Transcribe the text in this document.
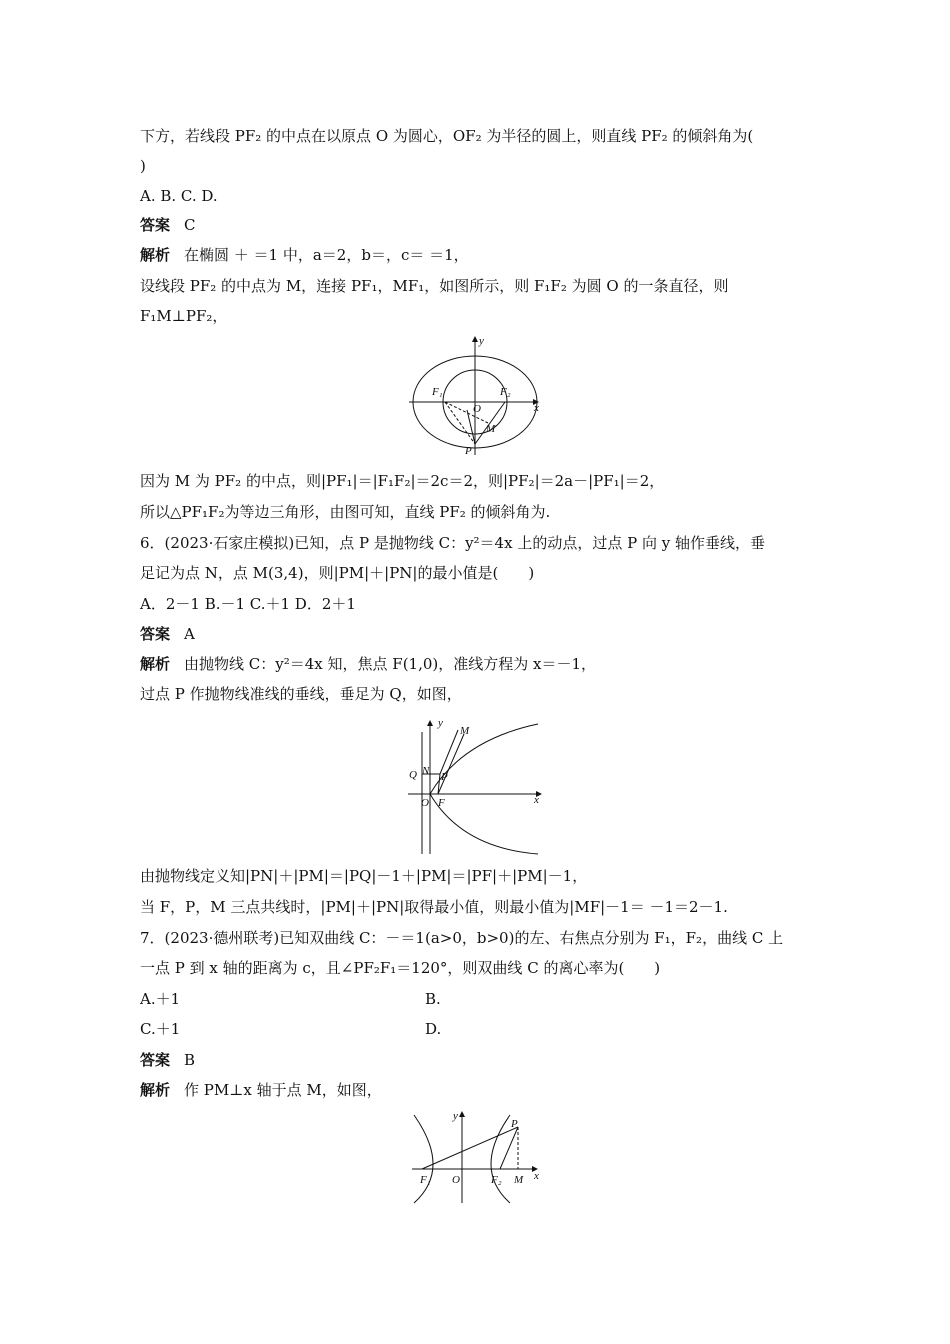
下方，若线段 PF₂ 的中点在以原点 O 为圆心，OF₂ 为半径的圆上，则直线 PF₂ 的倾斜角为(
)
A. B. C. D.
答案 C
解析 在椭圆 ＋ ＝1 中，a＝2，b＝，c＝ ＝1，
设线段 PF₂ 的中点为 M，连接 PF₁，MF₁，如图所示，则 F₁F₂ 为圆 O 的一条直径，则
F₁M⊥PF₂，
y
x
F₁	F₂
O
M
P
因为 M 为 PF₂ 的中点，则|PF₁|＝|F₁F₂|＝2c＝2，则|PF₂|＝2a－|PF₁|＝2，
所以△PF₁F₂为等边三角形，由图可知，直线 PF₂ 的倾斜角为.
6．(2023·石家庄模拟)已知，点 P 是抛物线 C：y²＝4x 上的动点，过点 P 向 y 轴作垂线，垂
足记为点 N，点 M(3,4)，则|PM|＋|PN|的最小值是(　　)
A．2－1 B.－1 C.＋1 D．2＋1
答案 A
解析 由抛物线 C：y²＝4x 知，焦点 F(1,0)，准线方程为 x＝－1，
过点 P 作抛物线准线的垂线，垂足为 Q，如图，
y
x
M
Q N P
O F
由抛物线定义知|PN|＋|PM|＝|PQ|－1＋|PM|＝|PF|＋|PM|－1，
当 F，P，M 三点共线时，|PM|＋|PN|取得最小值，则最小值为|MF|－1＝ －1＝2－1.
7．(2023·德州联考)已知双曲线 C：－＝1(a>0，b>0)的左、右焦点分别为 F₁，F₂，曲线 C 上
一点 P 到 x 轴的距离为 c，且∠PF₂F₁＝120°，则双曲线 C 的离心率为(　　)
A.＋1	B.
C.＋1	D.
答案 B
解析 作 PM⊥x 轴于点 M，如图，
y
x
P
F₁ O	F₂ M
